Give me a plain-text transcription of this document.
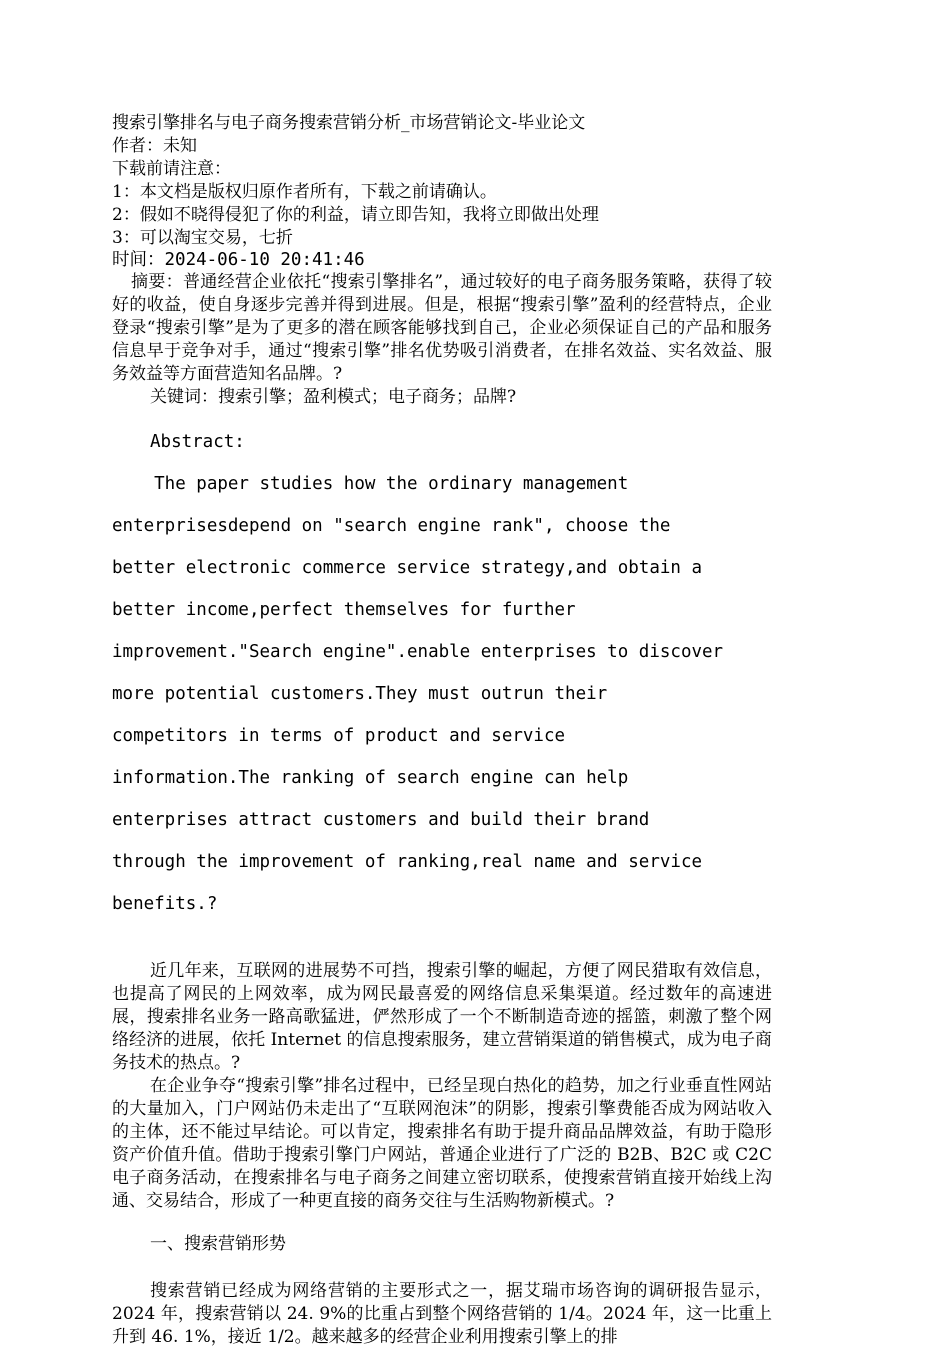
搜索引擎排名与电子商务搜索营销分析_市场营销论文-毕业论文
作者：未知
下载前请注意：
1：本文档是版权归原作者所有，下载之前请确认。
2：假如不晓得侵犯了你的利益，请立即告知，我将立即做出处理
3：可以淘宝交易，七折
时间：2024-06-10 20:41:46

摘要：普通经营企业依托“搜索引擎排名”，通过较好的电子商务服务策略，获得了较好的收益，使自身逐步完善并得到进展。但是，根据“搜索引擎”盈利的经营特点，企业登录“搜索引擎”是为了更多的潜在顾客能够找到自己，企业必须保证自己的产品和服务信息早于竞争对手，通过“搜索引擎”排名优势吸引消费者，在排名效益、实名效益、服务效益等方面营造知名品牌。?

关键词：搜索引擎；盈利模式；电子商务；品牌?
Abstract:

The paper studies how the ordinary management

enterprisesdepend on "search engine rank", choose the

better electronic commerce service strategy,and obtain a

better income,perfect themselves for further

improvement."Search engine".enable enterprises to discover

more potential customers.They must outrun their

competitors in terms of product and service

information.The ranking of search engine can help

enterprises attract customers and build their brand

through the improvement of ranking,real name and service

benefits.?

近几年来，互联网的进展势不可挡，搜索引擎的崛起，方便了网民猎取有效信息，也提高了网民的上网效率，成为网民最喜爱的网络信息采集渠道。经过数年的高速进展，搜索排名业务一路高歌猛进，俨然形成了一个不断制造奇迹的摇篮，刺激了整个网络经济的进展，依托 Internet 的信息搜索服务，建立营销渠道的销售模式，成为电子商务技术的热点。?

在企业争夺“搜索引擎”排名过程中，已经呈现白热化的趋势，加之行业垂直性网站的大量加入，门户网站仍未走出了“互联网泡沫”的阴影，搜索引擎费能否成为网站收入的主体，还不能过早结论。可以肯定，搜索排名有助于提升商品品牌效益，有助于隐形资产价值升值。借助于搜索引擎门户网站，普通企业进行了广泛的 B2B、B2C 或 C2C 电子商务活动，在搜索排名与电子商务之间建立密切联系，使搜索营销直接开始线上沟通、交易结合，形成了一种更直接的商务交往与生活购物新模式。?

一、搜索营销形势

搜索营销已经成为网络营销的主要形式之一，据艾瑞市场咨询的调研报告显示，2024 年，搜索营销以 24. 9%的比重占到整个网络营销的 1/4。2024 年，这一比重上升到 46. 1%，接近 1/2。越来越多的经营企业利用搜索引擎上的排
